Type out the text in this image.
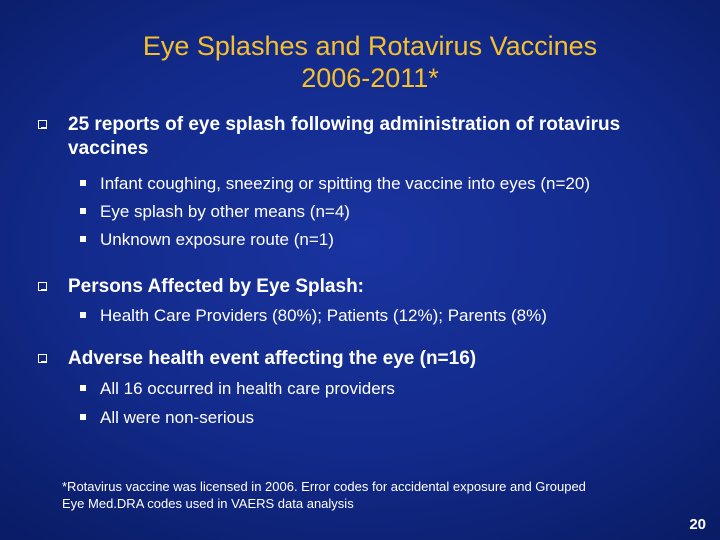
Eye Splashes and Rotavirus Vaccines
2006-2011*
25 reports of eye splash following administration of rotavirus vaccines
Infant coughing, sneezing or spitting the vaccine into eyes (n=20)
Eye splash by other means (n=4)
Unknown exposure route (n=1)
Persons Affected by Eye Splash:
Health Care Providers (80%); Patients (12%); Parents (8%)
Adverse health event affecting the eye (n=16)
All 16 occurred in health care providers
All were non-serious
*Rotavirus vaccine was licensed in 2006. Error codes for accidental exposure and Grouped
Eye Med.DRA codes used in VAERS data analysis
20
